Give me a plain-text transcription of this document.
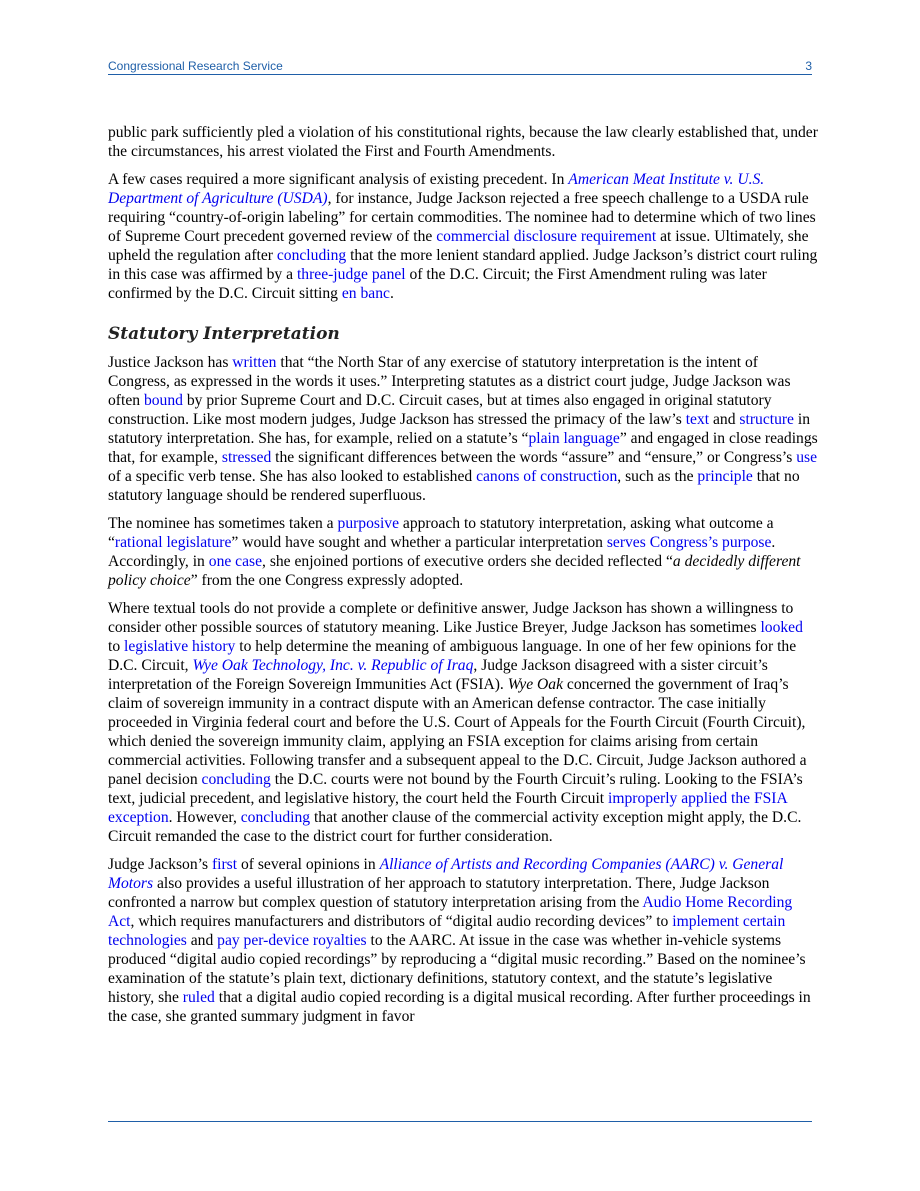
Congressional Research Service	3

public park sufficiently pled a violation of his constitutional rights, because the law clearly established that, under the circumstances, his arrest violated the First and Fourth Amendments.

A few cases required a more significant analysis of existing precedent. In American Meat Institute v. U.S. Department of Agriculture (USDA), for instance, Judge Jackson rejected a free speech challenge to a USDA rule requiring “country-of-origin labeling” for certain commodities. The nominee had to determine which of two lines of Supreme Court precedent governed review of the commercial disclosure requirement at issue. Ultimately, she upheld the regulation after concluding that the more lenient standard applied. Judge Jackson’s district court ruling in this case was affirmed by a three-judge panel of the D.C. Circuit; the First Amendment ruling was later confirmed by the D.C. Circuit sitting en banc.

Statutory Interpretation

Justice Jackson has written that “the North Star of any exercise of statutory interpretation is the intent of Congress, as expressed in the words it uses.” Interpreting statutes as a district court judge, Judge Jackson was often bound by prior Supreme Court and D.C. Circuit cases, but at times also engaged in original statutory construction. Like most modern judges, Judge Jackson has stressed the primacy of the law’s text and structure in statutory interpretation. She has, for example, relied on a statute’s “plain language” and engaged in close readings that, for example, stressed the significant differences between the words “assure” and “ensure,” or Congress’s use of a specific verb tense. She has also looked to established canons of construction, such as the principle that no statutory language should be rendered superfluous.

The nominee has sometimes taken a purposive approach to statutory interpretation, asking what outcome a “rational legislature” would have sought and whether a particular interpretation serves Congress’s purpose. Accordingly, in one case, she enjoined portions of executive orders she decided reflected “a decidedly different policy choice” from the one Congress expressly adopted.

Where textual tools do not provide a complete or definitive answer, Judge Jackson has shown a willingness to consider other possible sources of statutory meaning. Like Justice Breyer, Judge Jackson has sometimes looked to legislative history to help determine the meaning of ambiguous language. In one of her few opinions for the D.C. Circuit, Wye Oak Technology, Inc. v. Republic of Iraq, Judge Jackson disagreed with a sister circuit’s interpretation of the Foreign Sovereign Immunities Act (FSIA). Wye Oak concerned the government of Iraq’s claim of sovereign immunity in a contract dispute with an American defense contractor. The case initially proceeded in Virginia federal court and before the U.S. Court of Appeals for the Fourth Circuit (Fourth Circuit), which denied the sovereign immunity claim, applying an FSIA exception for claims arising from certain commercial activities. Following transfer and a subsequent appeal to the D.C. Circuit, Judge Jackson authored a panel decision concluding the D.C. courts were not bound by the Fourth Circuit’s ruling. Looking to the FSIA’s text, judicial precedent, and legislative history, the court held the Fourth Circuit improperly applied the FSIA exception. However, concluding that another clause of the commercial activity exception might apply, the D.C. Circuit remanded the case to the district court for further consideration.

Judge Jackson’s first of several opinions in Alliance of Artists and Recording Companies (AARC) v. General Motors also provides a useful illustration of her approach to statutory interpretation. There, Judge Jackson confronted a narrow but complex question of statutory interpretation arising from the Audio Home Recording Act, which requires manufacturers and distributors of “digital audio recording devices” to implement certain technologies and pay per-device royalties to the AARC. At issue in the case was whether in-vehicle systems produced “digital audio copied recordings” by reproducing a “digital music recording.” Based on the nominee’s examination of the statute’s plain text, dictionary definitions, statutory context, and the statute’s legislative history, she ruled that a digital audio copied recording is a digital musical recording. After further proceedings in the case, she granted summary judgment in favor
